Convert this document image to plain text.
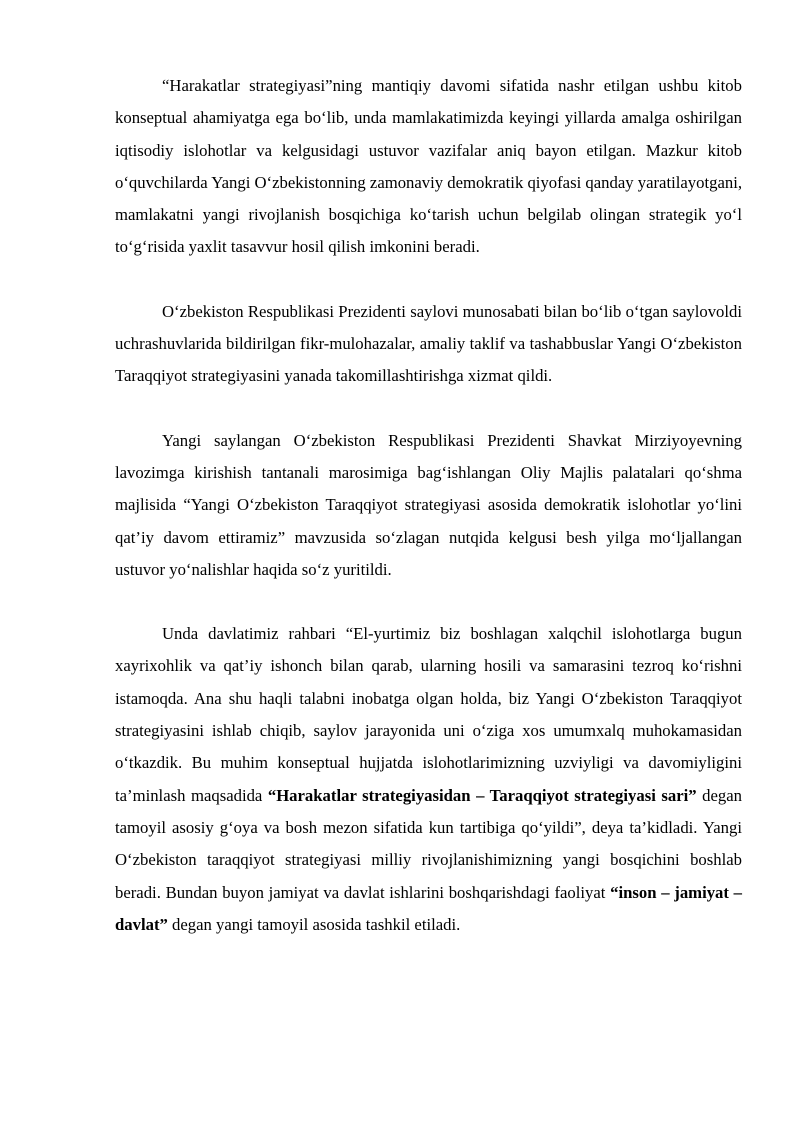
“Harakatlar strategiyasi”ning mantiqiy davomi sifatida nashr etilgan ushbu kitob konseptual ahamiyatga ega bo‘lib, unda mamlakatimizda keyingi yillarda amalga oshirilgan iqtisodiy islohotlar va kelgusidagi ustuvor vazifalar aniq bayon etilgan. Mazkur kitob o‘quvchilarda Yangi O‘zbekistonning zamonaviy demokratik qiyofasi qanday yaratilayotgani, mamlakatni yangi rivojlanish bosqichiga ko‘tarish uchun belgilab olingan strategik yo‘l to‘g‘risida yaxlit tasavvur hosil qilish imkonini beradi.

O‘zbekiston Respublikasi Prezidenti saylovi munosabati bilan bo‘lib o‘tgan saylovoldi uchrashuvlarida bildirilgan fikr-mulohazalar, amaliy taklif va tashabbuslar Yangi O‘zbekiston Taraqqiyot strategiyasini yanada takomillashtirishga xizmat qildi.

Yangi saylangan O‘zbekiston Respublikasi Prezidenti Shavkat Mirziyoyevning lavozimga kirishish tantanali marosimiga bag‘ishlangan Oliy Majlis palatalari qo‘shma majlisida “Yangi O‘zbekiston Taraqqiyot strategiyasi asosida demokratik islohotlar yo‘lini qat’iy davom ettiramiz” mavzusida so‘zlagan nutqida kelgusi besh yilga mo‘ljallangan ustuvor yo‘nalishlar haqida so‘z yuritildi.

Unda davlatimiz rahbari “El-yurtimiz biz boshlagan xalqchil islohotlarga bugun xayrixohlik va qat’iy ishonch bilan qarab, ularning hosili va samarasini tezroq ko‘rishni istamoqda. Ana shu haqli talabni inobatga olgan holda, biz Yangi O‘zbekiston Taraqqiyot strategiyasini ishlab chiqib, saylov jarayonida uni o‘ziga xos umumxalq muhokamasidan o‘tkazdik. Bu muhim konseptual hujjatda islohotlarimizning uzviyligi va davomiyligini ta’minlash maqsadida “Harakatlar strategiyasidan – Taraqqiyot strategiyasi sari” degan tamoyil asosiy g‘oya va bosh mezon sifatida kun tartibiga qo‘yildi”, deya ta’kidladi. Yangi O‘zbekiston taraqqiyot strategiyasi milliy rivojlanishimizning yangi bosqichini boshlab beradi. Bundan buyon jamiyat va davlat ishlarini boshqarishdagi faoliyat “inson – jamiyat – davlat” degan yangi tamoyil asosida tashkil etiladi.
